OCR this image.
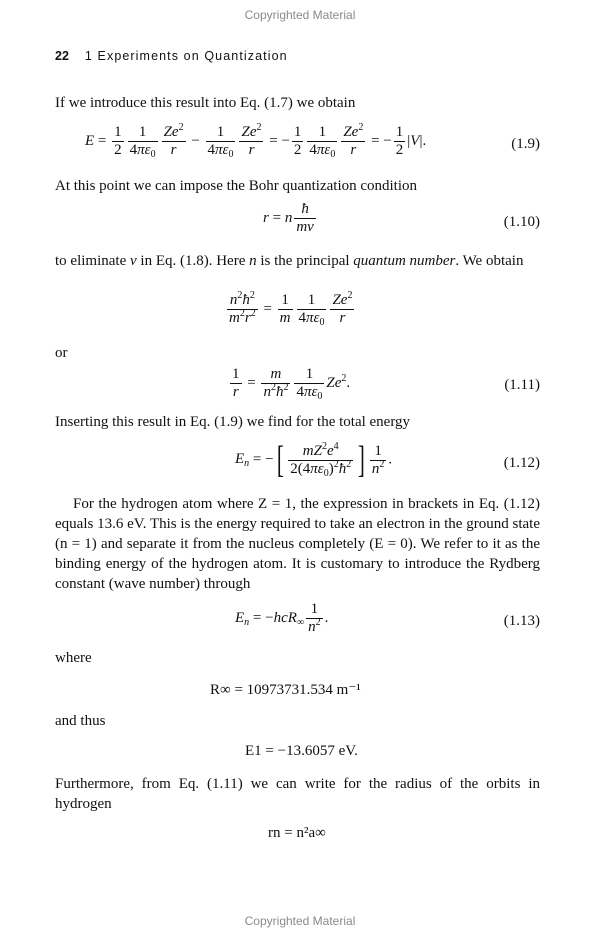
Copyrighted Material
22 1 Experiments on Quantization
If we introduce this result into Eq. (1.7) we obtain
$E = \frac{1}{2} \frac{1}{4\pi\varepsilon_0} \frac{Ze^2}{r} - \frac{1}{4\pi\varepsilon_0} \frac{Ze^2}{r}$ = − $\frac{1}{2} \frac{1}{4\pi\varepsilon_0} \frac{Ze^2}{r}$ = − $\frac{1}{2} |V|$.	(1.9)
At this point we can impose the Bohr quantization condition
r = n $\frac{ħ}{mv}$	(1.10)
to eliminate v in Eq. (1.8). Here n is the principal quantum number. We obtain
$\frac{n^2ħ^2}{m^2r^2} = \frac{1}{m} \frac{1}{4\pi\varepsilon_0} \frac{Ze^2}{r}$
or
$\frac{1}{r} = \frac{m}{n^2ħ^2} \frac{1}{4\pi\varepsilon_0} Ze^2$.	(1.11)
Inserting this result in Eq. (1.9) we find for the total energy
$E_n$ = −[ $\frac{mZ^2e^4}{2(4\pi\varepsilon_0)^2ħ^2}$ ] $\frac{1}{n^2}$ .	(1.12)
For the hydrogen atom where Z = 1, the expression in brackets in Eq. (1.12) equals 13.6 eV. This is the energy required to take an electron in the ground state (n = 1) and separate it from the nucleus completely (E = 0). We refer to it as the binding energy of the hydrogen atom. It is customary to introduce the Rydberg constant (wave number) through
$E_n = -hcR_\infty \frac{1}{n^2}$ .	(1.13)
where
R∞ = 10973731.534 m⁻¹
and thus
E1 = −13.6057 eV.
Furthermore, from Eq. (1.11) we can write for the radius of the orbits in hydrogen
rn = n²a∞
Copyrighted Material
